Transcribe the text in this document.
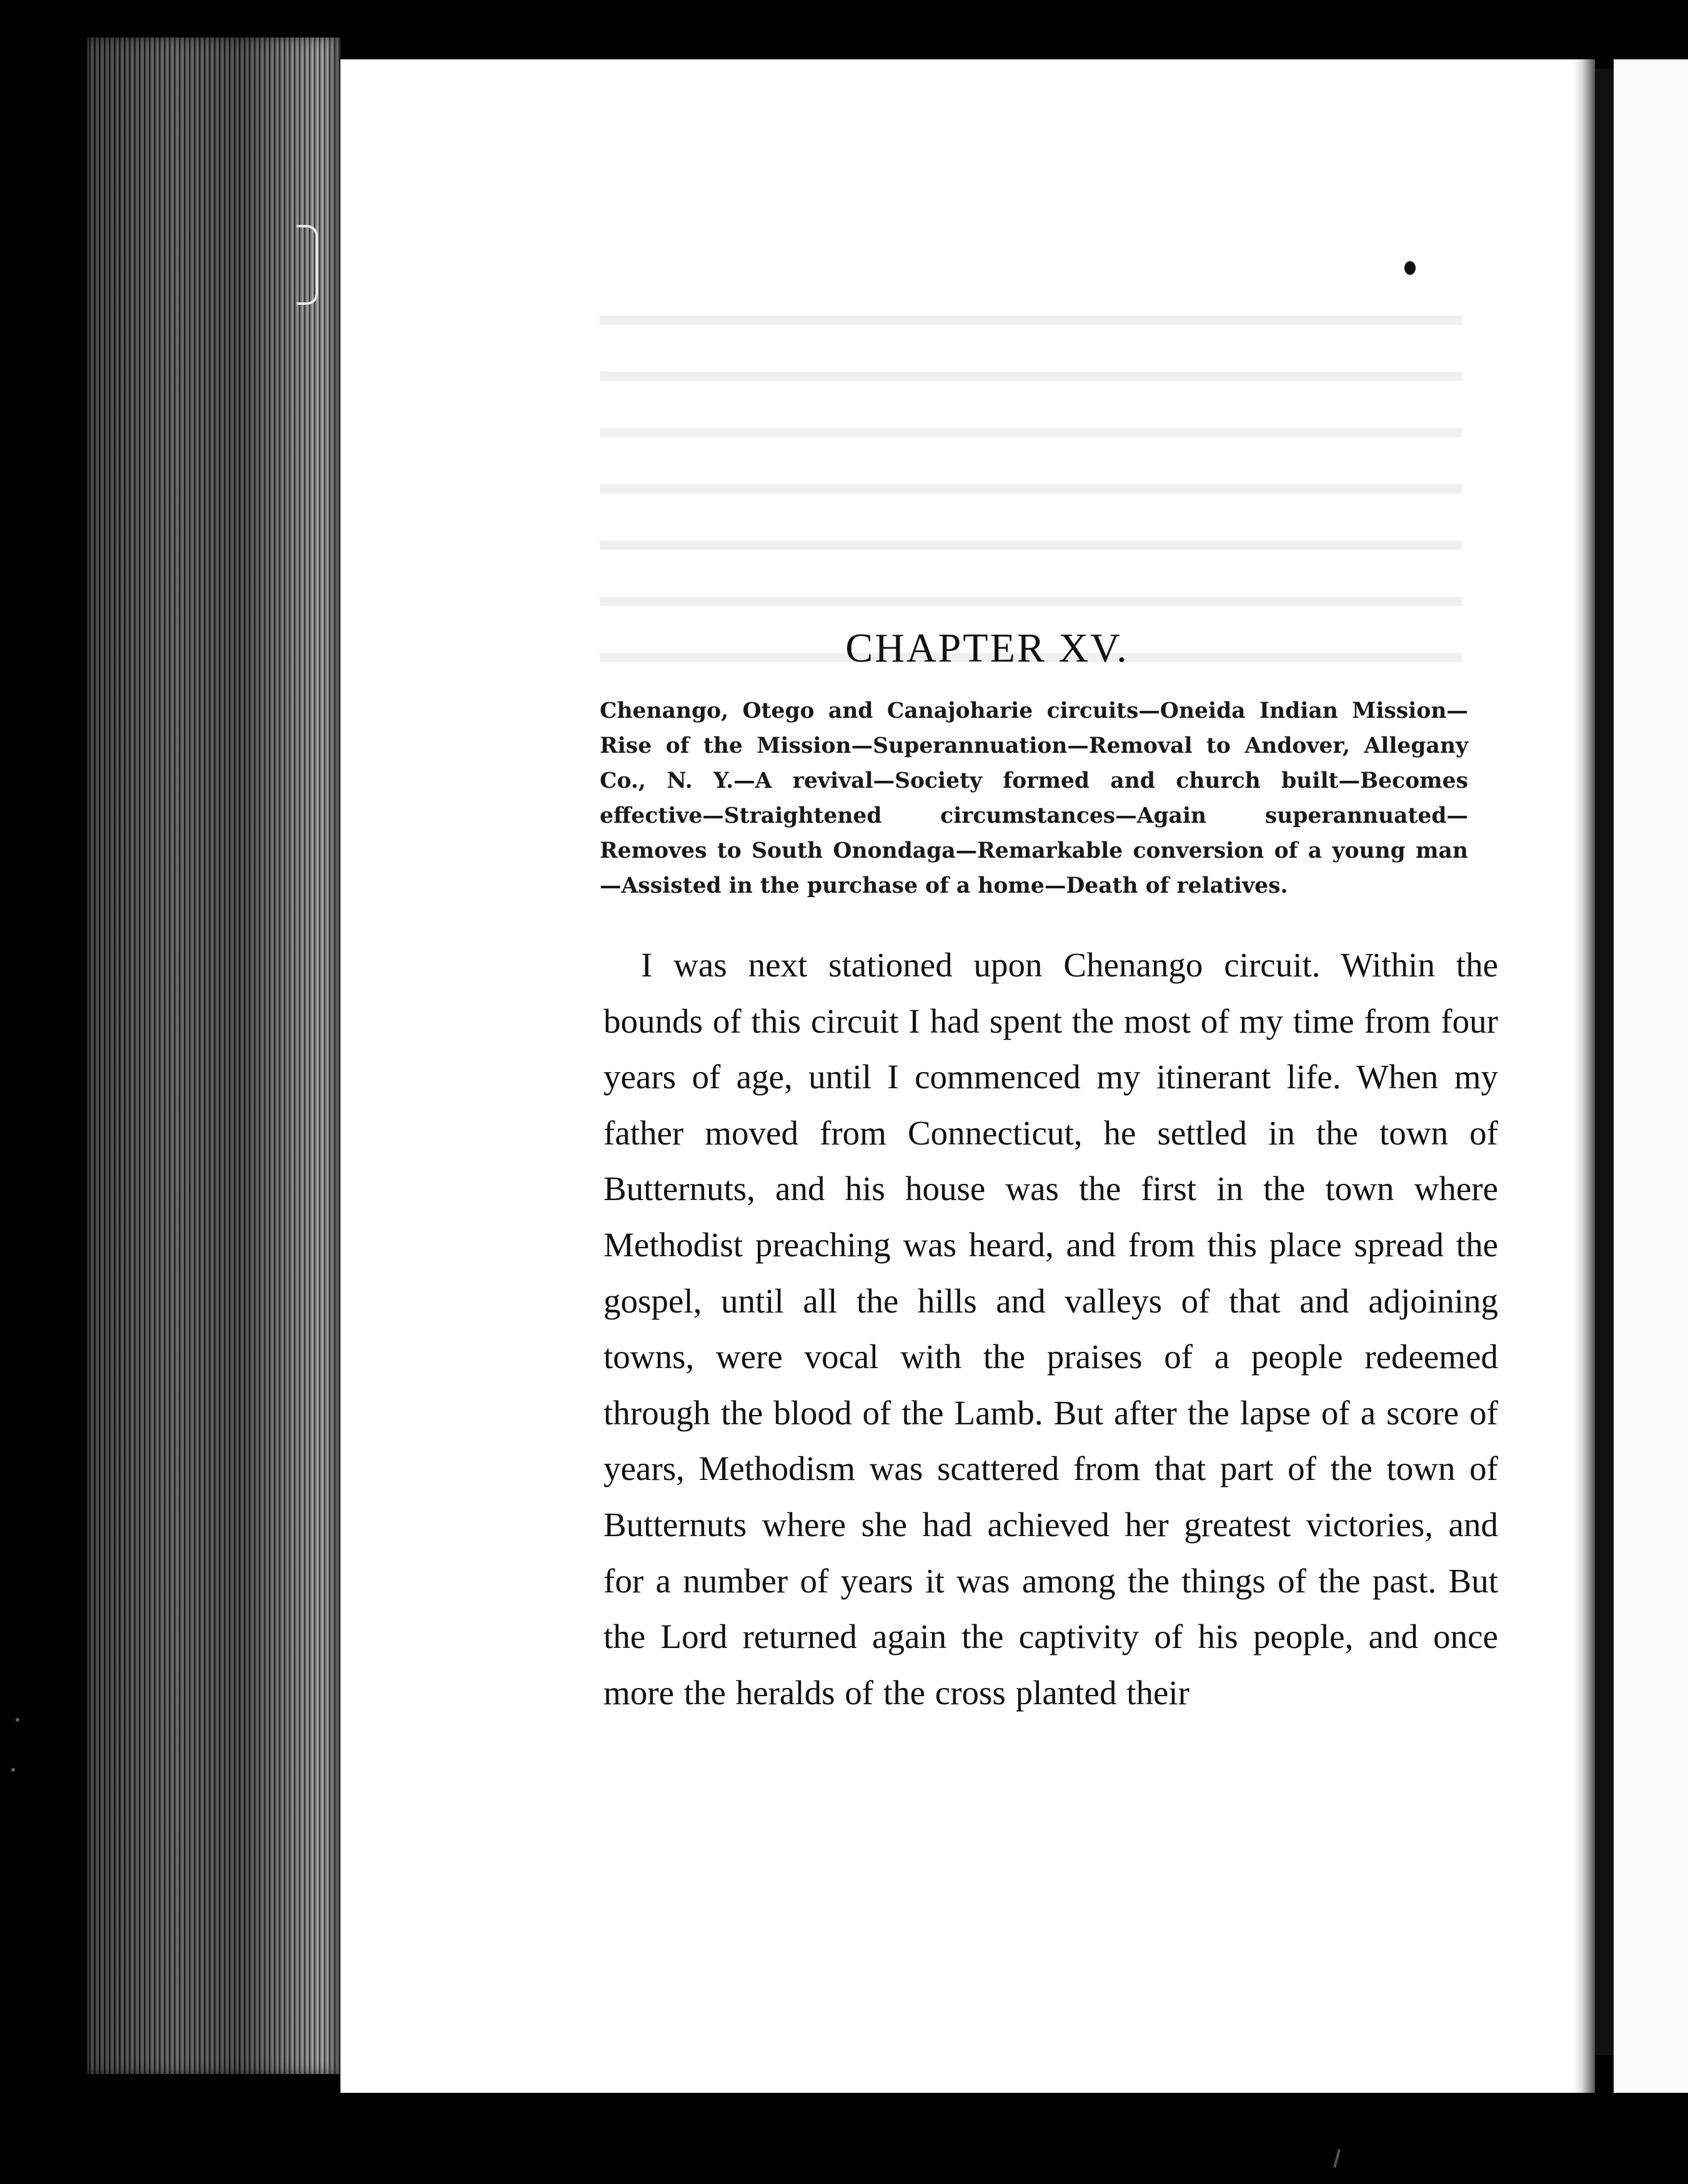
CHAPTER XV.
Chenango, Otego and Canajoharie circuits—Oneida Indian Mission—Rise of the Mission—Superannuation—Removal to Andover, Allegany Co., N. Y.—A revival—Society formed and church built—Becomes effective—Straightened circumstances—Again superannuated—Removes to South Onondaga—Remarkable conversion of a young man—Assisted in the purchase of a home—Death of relatives.

I was next stationed upon Chenango circuit. Within the bounds of this circuit I had spent the most of my time from four years of age, until I commenced my itinerant life. When my father moved from Connecticut, he settled in the town of Butternuts, and his house was the first in the town where Methodist preaching was heard, and from this place spread the gospel, until all the hills and valleys of that and adjoining towns, were vocal with the praises of a people redeemed through the blood of the Lamb. But after the lapse of a score of years, Methodism was scattered from that part of the town of Butternuts where she had achieved her greatest victories, and for a number of years it was among the things of the past. But the Lord returned again the captivity of his people, and once more the heralds of the cross planted their
